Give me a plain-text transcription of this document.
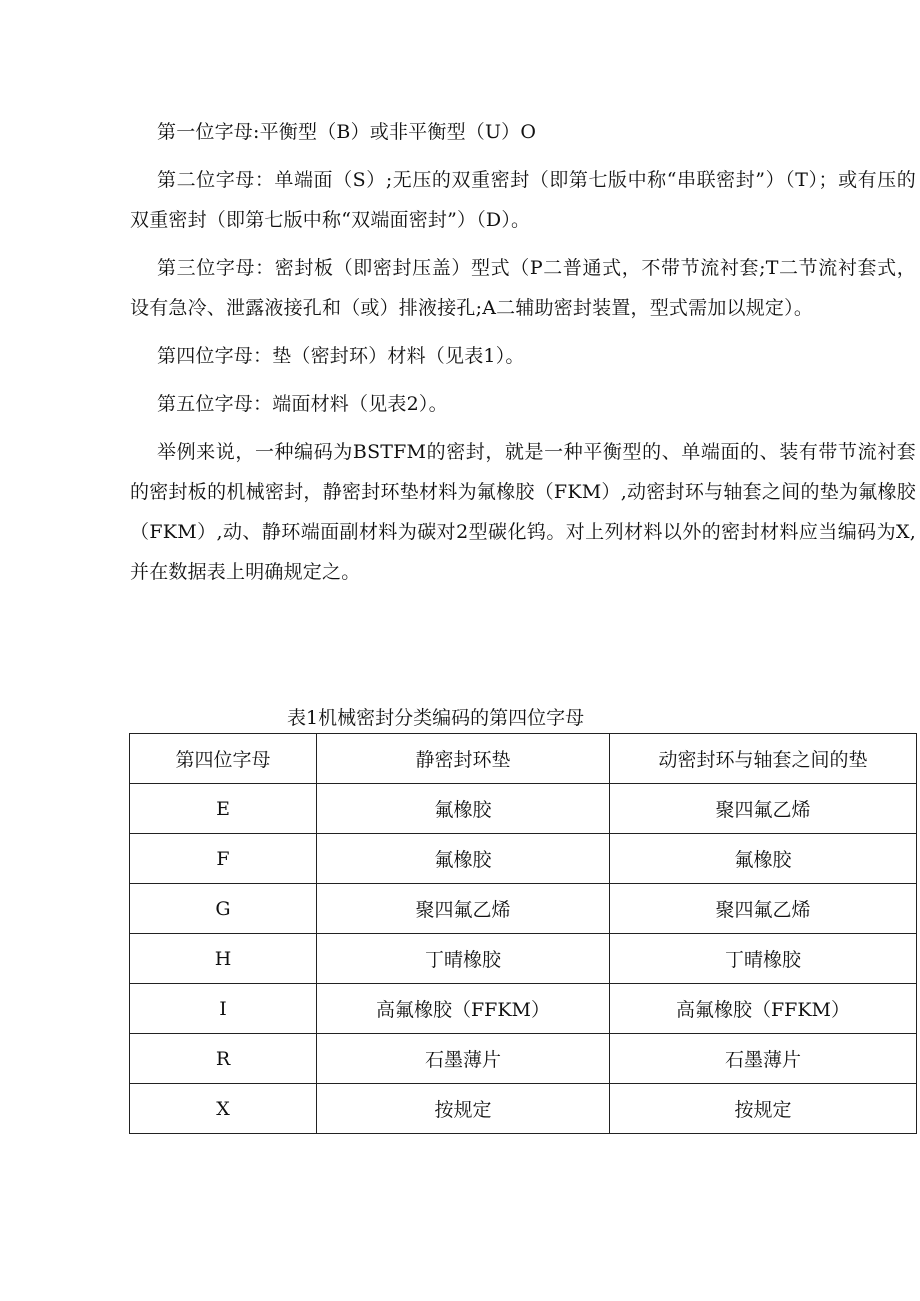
第一位字母:平衡型（B）或非平衡型（U）O

第二位字母：单端面（S）;无压的双重密封（即第七版中称“串联密封”）（T）；或有压的双重密封（即第七版中称“双端面密封”）（D）。

第三位字母：密封板（即密封压盖）型式（P二普通式，不带节流衬套;T二节流衬套式，设有急冷、泄露液接孔和（或）排液接孔;A二辅助密封装置，型式需加以规定）。

第四位字母：垫（密封环）材料（见表1）。

第五位字母：端面材料（见表2）。

举例来说，一种编码为BSTFM的密封，就是一种平衡型的、单端面的、装有带节流衬套的密封板的机械密封，静密封环垫材料为氟橡胶（FKM）,动密封环与轴套之间的垫为氟橡胶（FKM）,动、静环端面副材料为碳对2型碳化钨。对上列材料以外的密封材料应当编码为X,并在数据表上明确规定之。

表1机械密封分类编码的第四位字母
第四位字母	静密封环垫	动密封环与轴套之间的垫
E	氟橡胶	聚四氟乙烯
F	氟橡胶	氟橡胶
G	聚四氟乙烯	聚四氟乙烯
H	丁晴橡胶	丁晴橡胶
I	高氟橡胶（FFKM）	高氟橡胶（FFKM）
R	石墨薄片	石墨薄片
X	按规定	按规定
